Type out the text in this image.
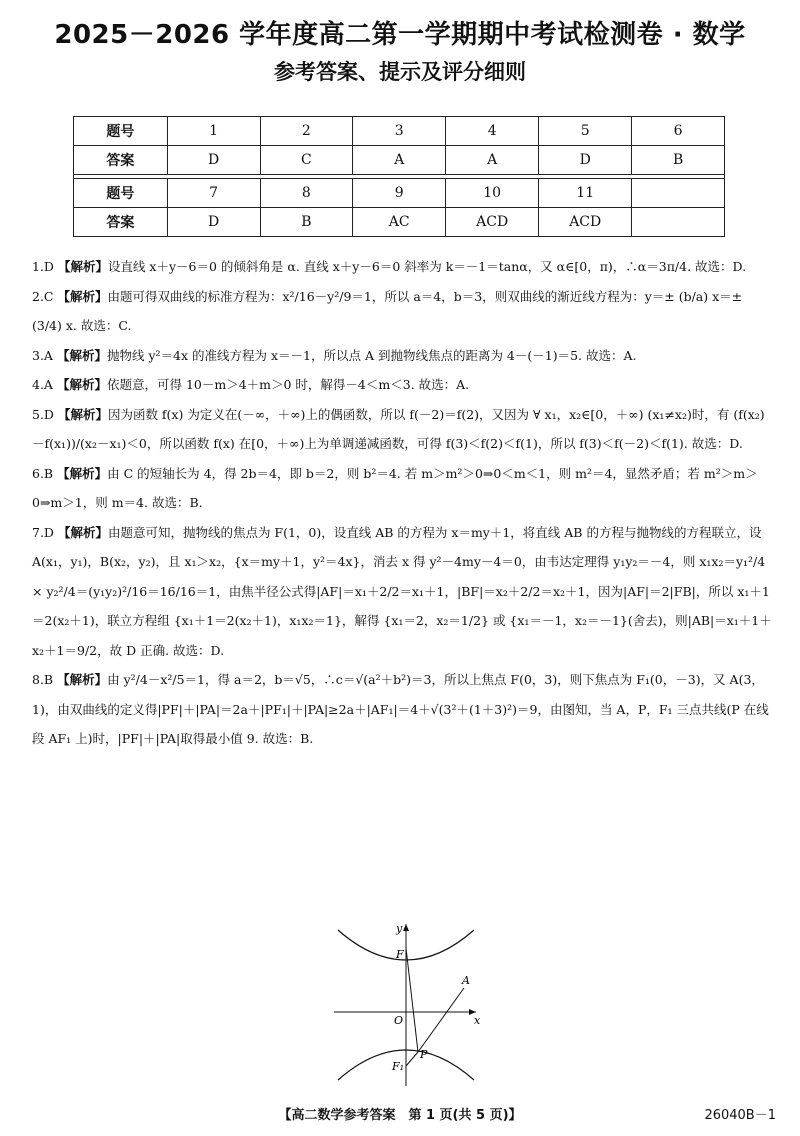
2025－2026 学年度高二第一学期期中考试检测卷 · 数学
参考答案、提示及评分细则
题号	1	2	3	4	5	6
答案	D	C	A	A	D	B

题号	7	8	9	10	11	
答案	D	B	AC	ACD	ACD	

1.D 【解析】设直线 x＋y－6＝0 的倾斜角是 α. 直线 x＋y－6＝0 斜率为 k＝－1＝tanα，又 α∈[0，π)，∴α＝3π/4. 故选：D.

2.C 【解析】由题可得双曲线的标准方程为：x²/16－y²/9＝1，所以 a＝4，b＝3，则双曲线的渐近线方程为：y＝± (b/a) x＝± (3/4) x. 故选：C.

3.A 【解析】抛物线 y²＝4x 的准线方程为 x＝－1，所以点 A 到抛物线焦点的距离为 4－(－1)＝5. 故选：A.

4.A 【解析】依题意，可得 10－m＞4＋m＞0 时，解得－4＜m＜3. 故选：A.

5.D 【解析】因为函数 f(x) 为定义在(－∞，＋∞)上的偶函数，所以 f(－2)＝f(2)，又因为 ∀ x₁，x₂∈[0，＋∞) (x₁≠x₂)时，有 (f(x₂)－f(x₁))/(x₂－x₁)＜0，所以函数 f(x) 在[0，＋∞)上为单调递减函数，可得 f(3)＜f(2)＜f(1)，所以 f(3)＜f(－2)＜f(1). 故选：D.

6.B 【解析】由 C 的短轴长为 4，得 2b＝4，即 b＝2，则 b²＝4. 若 m＞m²＞0⇒0＜m＜1，则 m²＝4，显然矛盾；若 m²＞m＞0⇒m＞1，则 m＝4. 故选：B.

7.D 【解析】由题意可知，抛物线的焦点为 F(1，0)，设直线 AB 的方程为 x＝my＋1，将直线 AB 的方程与抛物线的方程联立，设 A(x₁，y₁)，B(x₂，y₂)，且 x₁＞x₂，{x＝my＋1，y²＝4x}，消去 x 得 y²－4my－4＝0，由韦达定理得 y₁y₂＝－4，则 x₁x₂＝y₁²/4 × y₂²/4＝(y₁y₂)²/16＝16/16＝1，由焦半径公式得|AF|＝x₁＋2/2＝x₁＋1，|BF|＝x₂＋2/2＝x₂＋1，因为|AF|＝2|FB|，所以 x₁＋1＝2(x₂＋1)，联立方程组 {x₁＋1＝2(x₂＋1)，x₁x₂＝1}，解得 {x₁＝2，x₂＝1/2} 或 {x₁＝－1，x₂＝－1}(舍去)，则|AB|＝x₁＋1＋x₂＋1＝9/2，故 D 正确. 故选：D.

8.B 【解析】由 y²/4－x²/5＝1，得 a＝2，b＝√5，∴c＝√(a²＋b²)＝3，所以上焦点 F(0，3)，则下焦点为 F₁(0，－3)，又 A(3，1)，由双曲线的定义得|PF|＋|PA|＝2a＋|PF₁|＋|PA|≥2a＋|AF₁|＝4＋√(3²＋(1＋3)²)＝9，由图知，当 A，P，F₁ 三点共线(P 在线段 AF₁ 上)时，|PF|＋|PA|取得最小值 9. 故选：B.

y
x
F
A
O
P
F₁
【高二数学参考答案　第 1 页(共 5 页)】	26040B－1
